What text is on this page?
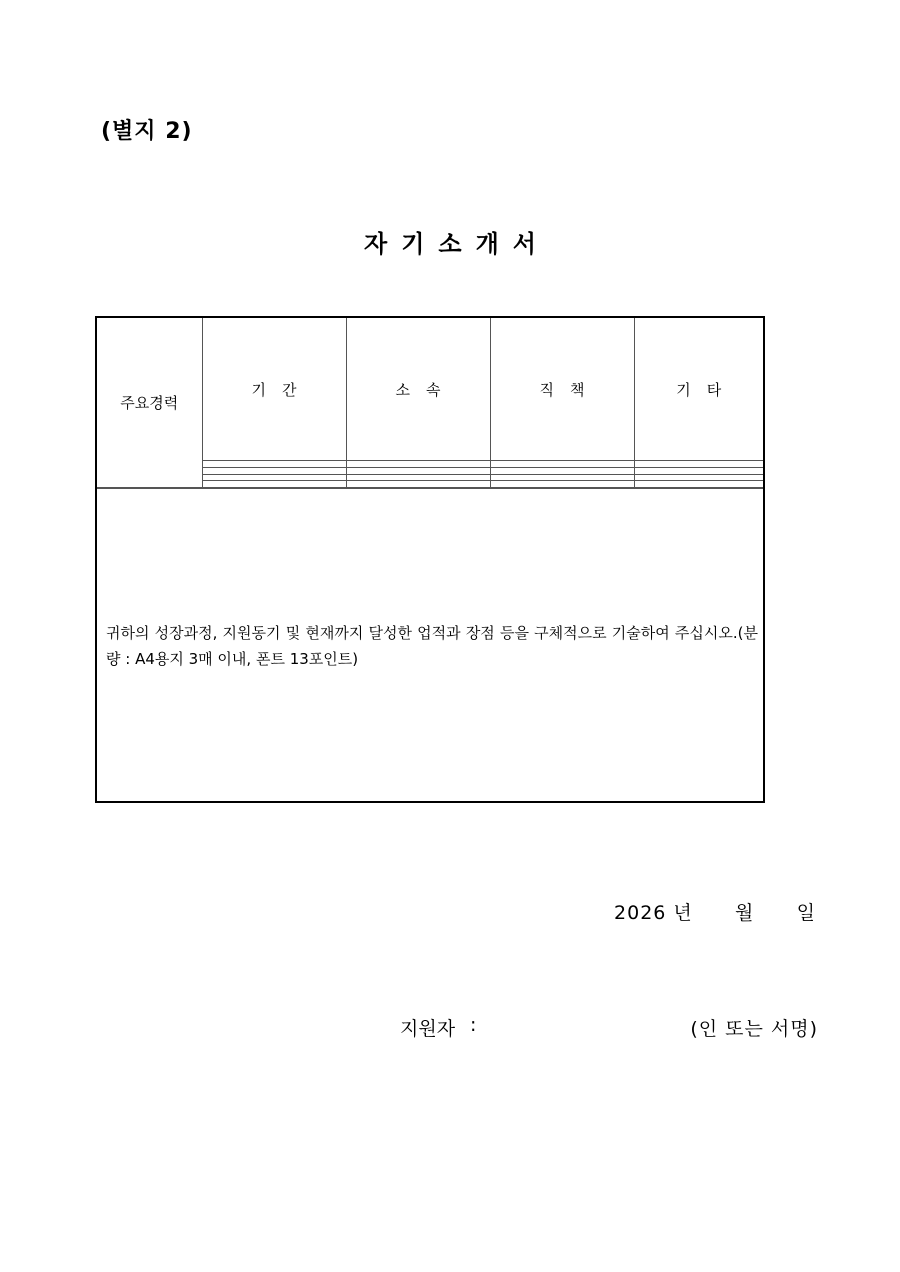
(별지 2)
자기소개서
주요경력	기간	소속	직책	기타

귀하의 성장과정, 지원동기 및 현재까지 달성한 업적과 장점 등을 구체적으로 기술하여 주십시오.(분량 : A4용지 3매 이내, 폰트 13포인트)
2026 년 월 일
지원자 :	(인 또는 서명)
